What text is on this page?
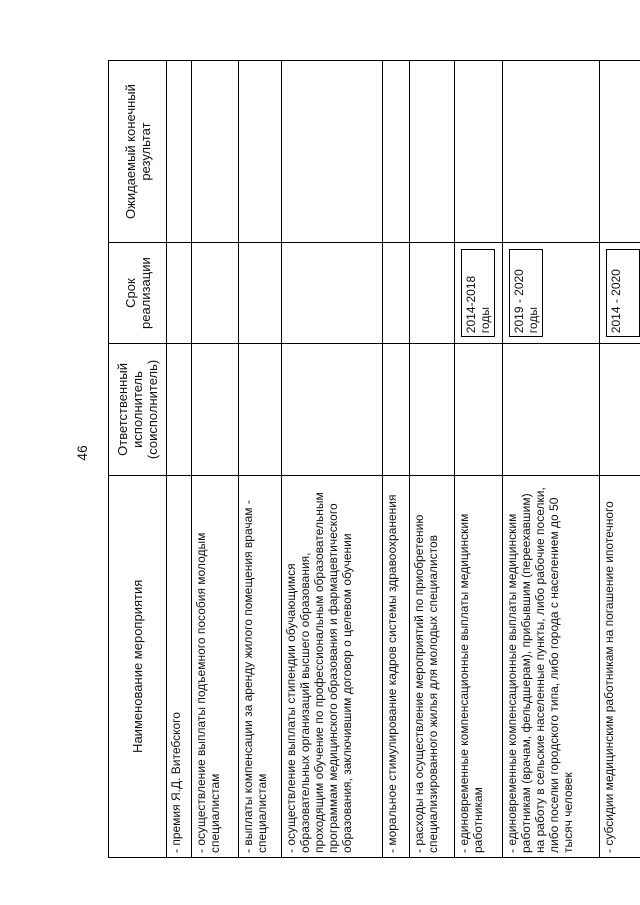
46
Наименование мероприятия	Ответственный исполнитель (соисполнитель)	Срок реализации	Ожидаемый конечный результат
- премия Я.Д. Витебского			
- осуществление выплаты подъемного пособия молодым специалистам			
- выплаты компенсации за аренду жилого помещения врачам - специалистам			
- осуществление выплаты стипендии обучающимся образовательных организаций высшего образования, проходящим обучение по профессиональным образовательным программам медицинского образования и фармацевтического образования, заключившим договор о целевом обучении			
- моральное стимулирование кадров системы здравоохранения			
- расходы на осуществление мероприятий по приобретению специализированного жилья для молодых специалистов			
- единовременные компенсационные выплаты медицинским работникам		2014-2018 годы	

- единовременные компенсационные выплаты медицинским работникам (врачам, фельдшерам), прибывшим (переехавшим) на работу в сельские населенные пункты, либо рабочие поселки, либо поселки городского типа, либо города с населением до 50 тысяч человек		2019 - 2020 годы	

- субсидии медицинским работникам на погашение ипотечного		2014 - 2020	
